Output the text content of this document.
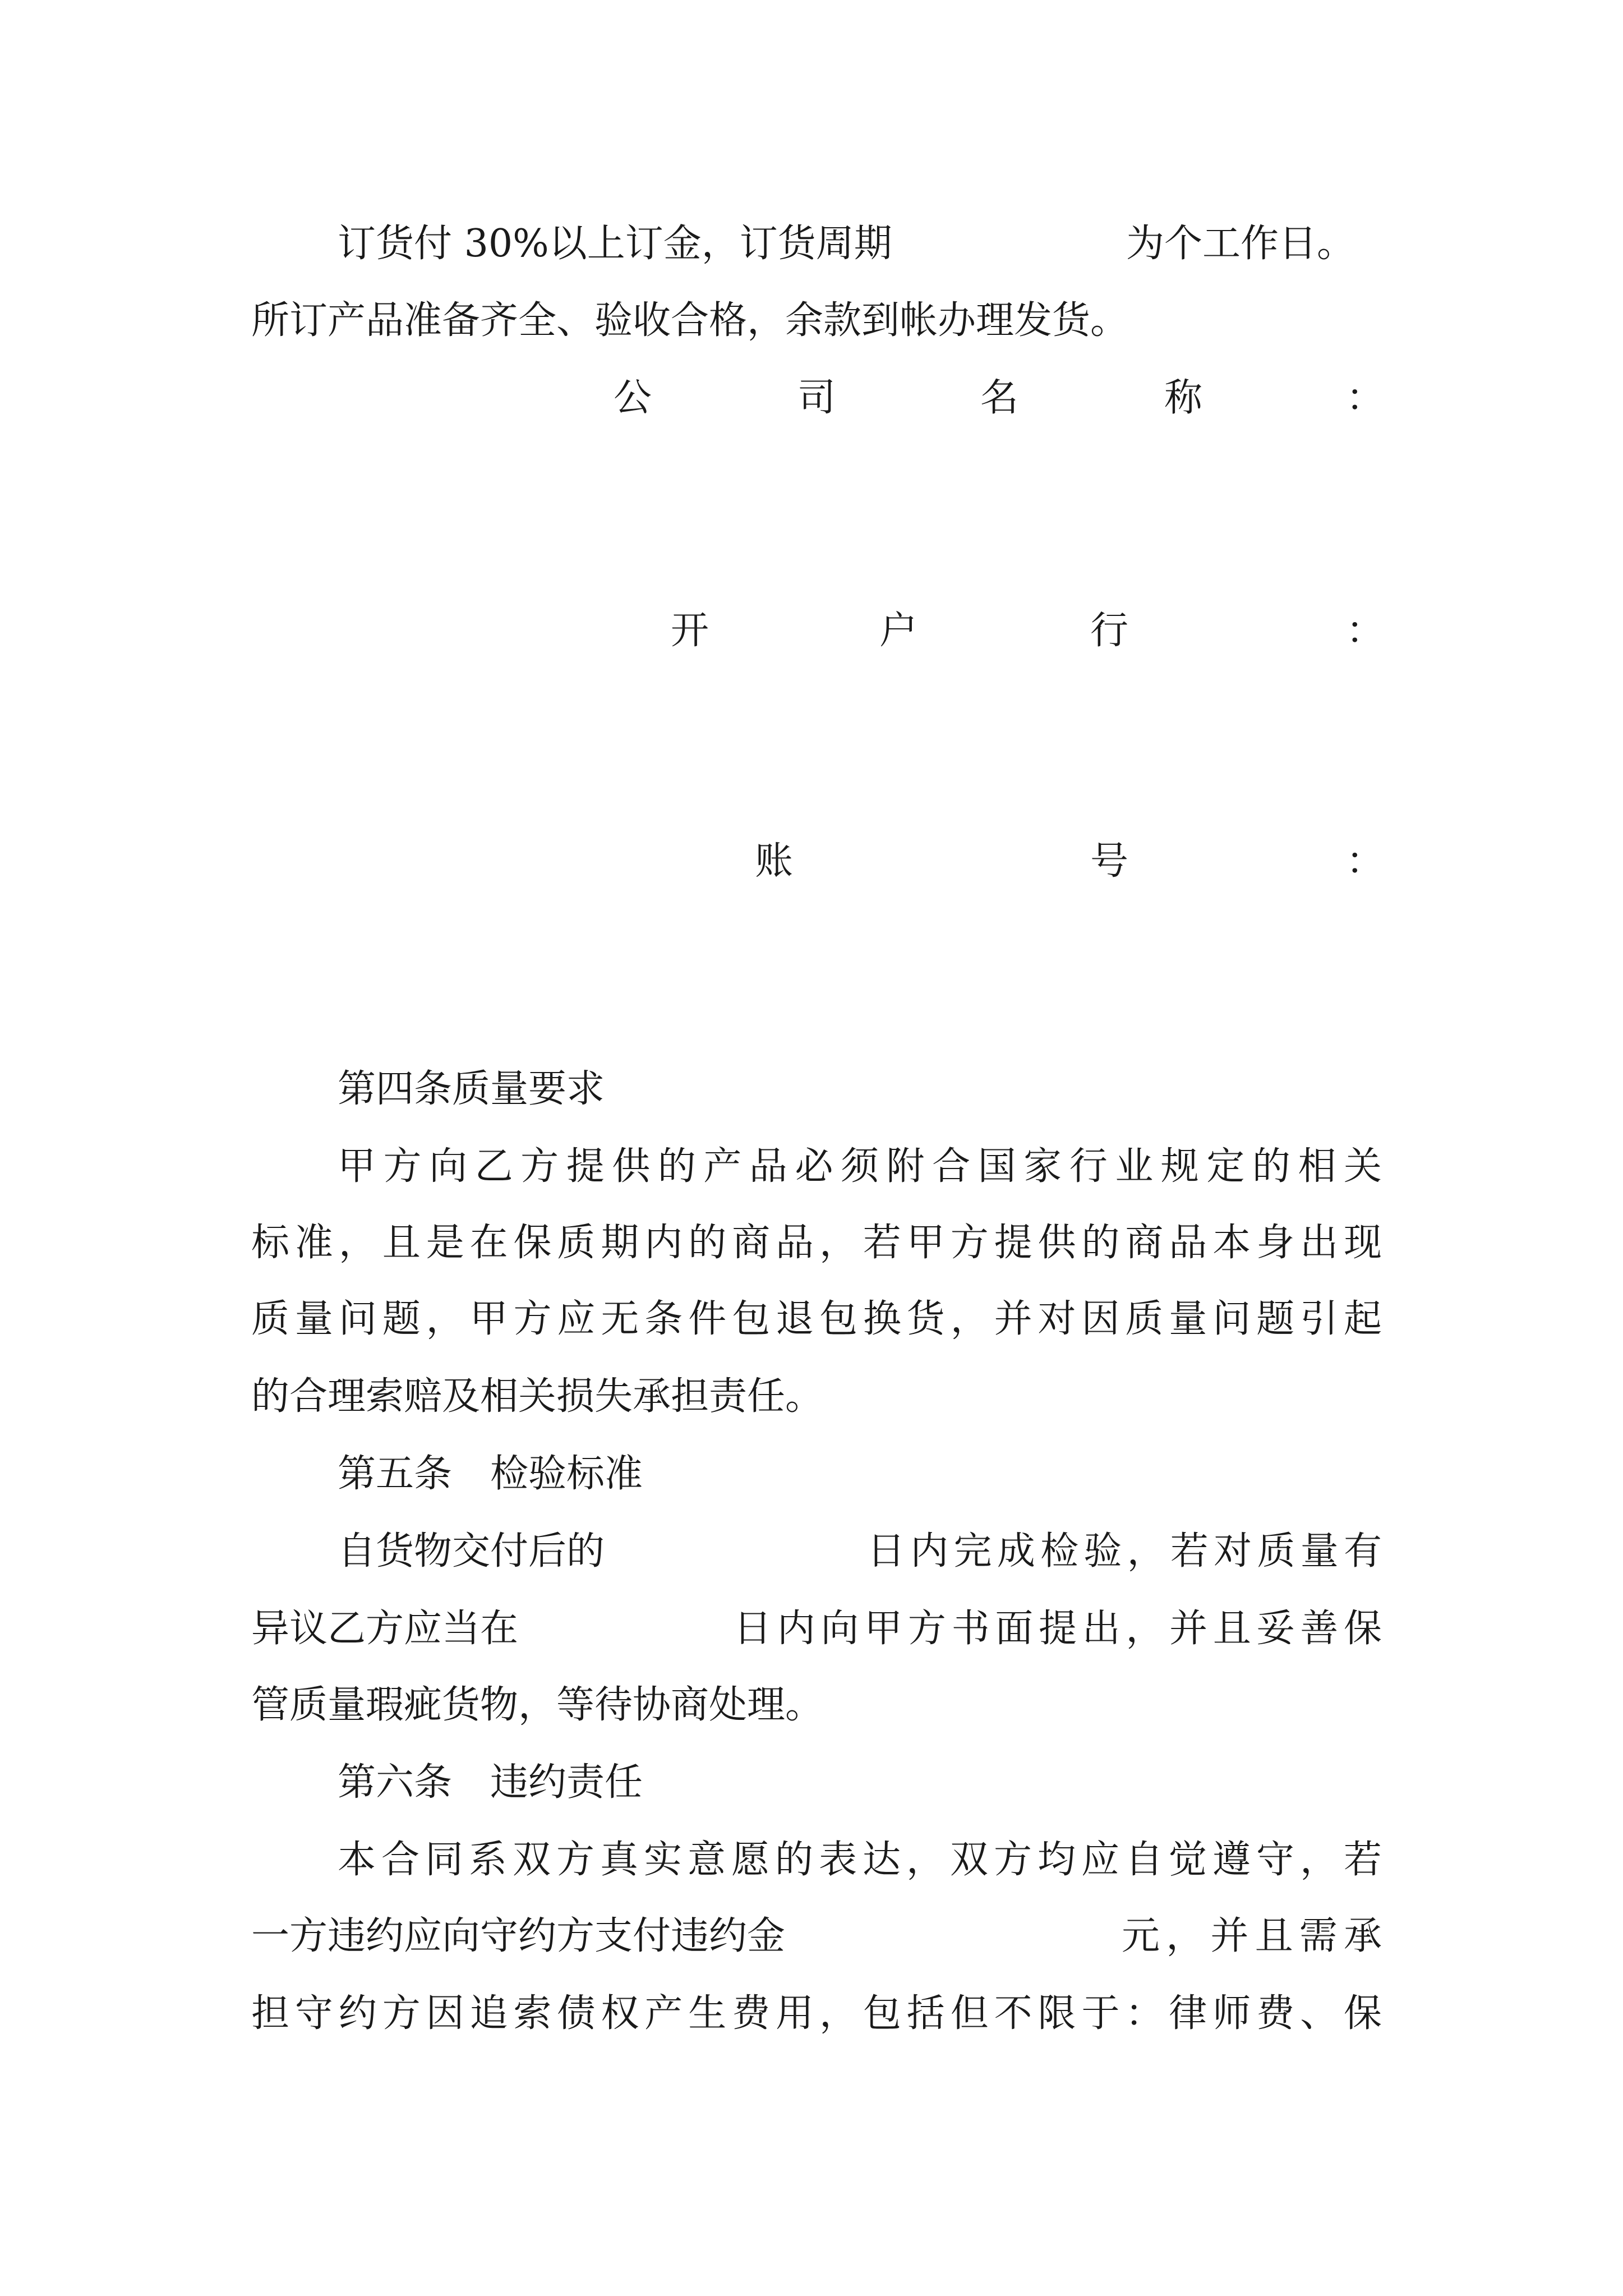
订货付 30%以上订金，订货周期	为个工作日。
所订产品准备齐全、验收合格，余款到帐办理发货。
公	司	名	称	：
开	户	行	：
账	号	：
第四条质量要求
甲方向乙方提供的产品必须附合国家行业规定的相关
标准，且是在保质期内的商品，若甲方提供的商品本身出现
质量问题，甲方应无条件包退包换货，并对因质量问题引起
的合理索赔及相关损失承担责任。
第五条　检验标准
自货物交付后的	日内完成检验，若对质量有
异议乙方应当在	日内向甲方书面提出，并且妥善保
管质量瑕疵货物，等待协商处理。
第六条　违约责任
本合同系双方真实意愿的表达，双方均应自觉遵守，若
一方违约应向守约方支付违约金	元，并且需承
担守约方因追索债权产生费用，包括但不限于：律师费、保
